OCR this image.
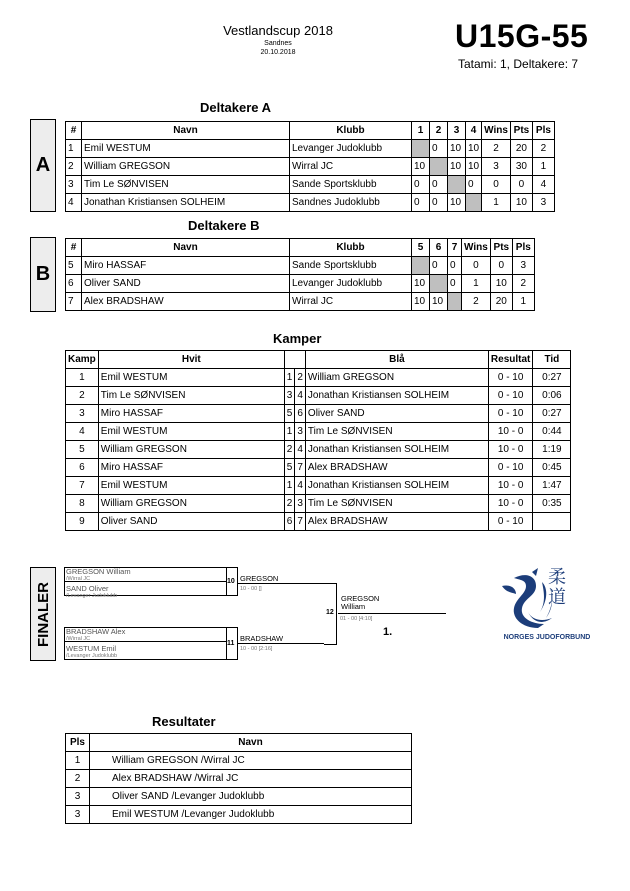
Vestlandscup 2018
Sandnes
20.10.2018	U15G-55
Tatami: 1, Deltakere: 7
Deltakere A
A
#	Navn	Klubb	1	2	3	4	Wins	Pts	Pls
1	Emil WESTUM	Levanger Judoklubb		0	10	10	2	20	2
2	William GREGSON	Wirral JC	10		10	10	3	30	1
3	Tim Le SØNVISEN	Sande Sportsklubb	0	0		0	0	0	4
4	Jonathan Kristiansen SOLHEIM	Sandnes Judoklubb	0	0	10		1	10	3
Deltakere B
B
#	Navn	Klubb	5	6	7	Wins	Pts	Pls
5	Miro HASSAF	Sande Sportsklubb		0	0	0	0	3
6	Oliver SAND	Levanger Judoklubb	10		0	1	10	2
7	Alex BRADSHAW	Wirral JC	10	10		2	20	1
Kamper
Kamp	Hvit			Blå	Resultat	Tid
1	Emil WESTUM	1	2	William GREGSON	0 - 10	0:27
2	Tim Le SØNVISEN	3	4	Jonathan Kristiansen SOLHEIM	0 - 10	0:06
3	Miro HASSAF	5	6	Oliver SAND	0 - 10	0:27
4	Emil WESTUM	1	3	Tim Le SØNVISEN	10 - 0	0:44
5	William GREGSON	2	4	Jonathan Kristiansen SOLHEIM	10 - 0	1:19
6	Miro HASSAF	5	7	Alex BRADSHAW	0 - 10	0:45
7	Emil WESTUM	1	4	Jonathan Kristiansen SOLHEIM	10 - 0	1:47
8	William GREGSON	2	3	Tim Le SØNVISEN	10 - 0	0:35
9	Oliver SAND	6	7	Alex BRADSHAW	0 - 10	
FINALER
GREGSON William
/Wirral JC
SAND Oliver
/Levanger Judoklubb
10 GREGSON
10 - 00 []
BRADSHAW Alex
/Wirral JC
WESTUM Emil
/Levanger Judoklubb
11
BRADSHAW
10 - 00 [2:16]
12
GREGSON William
01 - 00 [4:10]
1.
柔道
NORGES JUDOFORBUND
Resultater
Pls	Navn
1	William GREGSON /Wirral JC
2	Alex BRADSHAW /Wirral JC
3	Oliver SAND /Levanger Judoklubb
3	Emil WESTUM /Levanger Judoklubb
